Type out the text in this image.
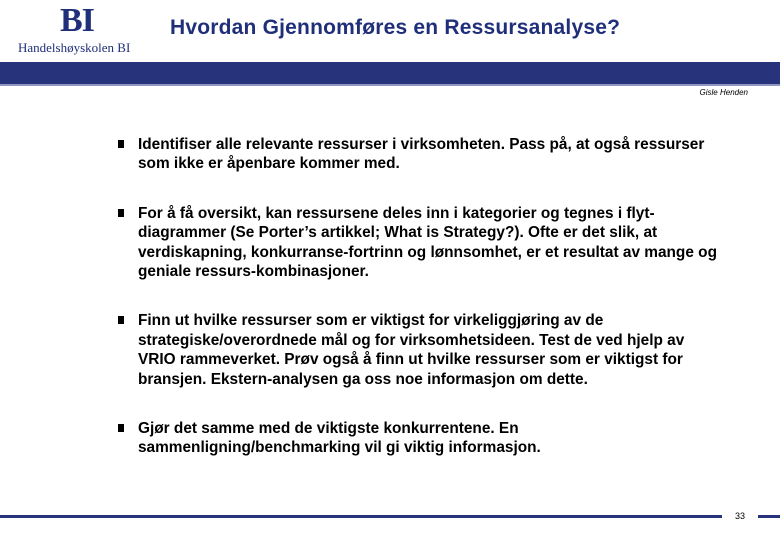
BI
Handelshøyskolen BI
Hvordan Gjennomføres en Ressursanalyse?
Gisle Henden
Identifiser alle relevante ressurser i virksomheten. Pass på, at også ressurser som ikke er åpenbare kommer med.
For å få oversikt, kan ressursene deles inn i kategorier og tegnes i flyt-diagrammer (Se Porter’s artikkel; What is Strategy?). Ofte er det slik, at verdiskapning, konkurranse-fortrinn og lønnsomhet, er et resultat av mange og geniale ressurs-kombinasjoner.
Finn ut hvilke ressurser som er viktigst for virkeliggjøring av de strategiske/overordnede mål og for virksomhetsideen. Test de ved hjelp av VRIO rammeverket. Prøv også å finn ut hvilke ressurser som er viktigst for bransjen. Ekstern-analysen ga oss noe informasjon om dette.
Gjør det samme med de viktigste konkurrentene. En sammenligning/benchmarking vil gi viktig informasjon.
33
